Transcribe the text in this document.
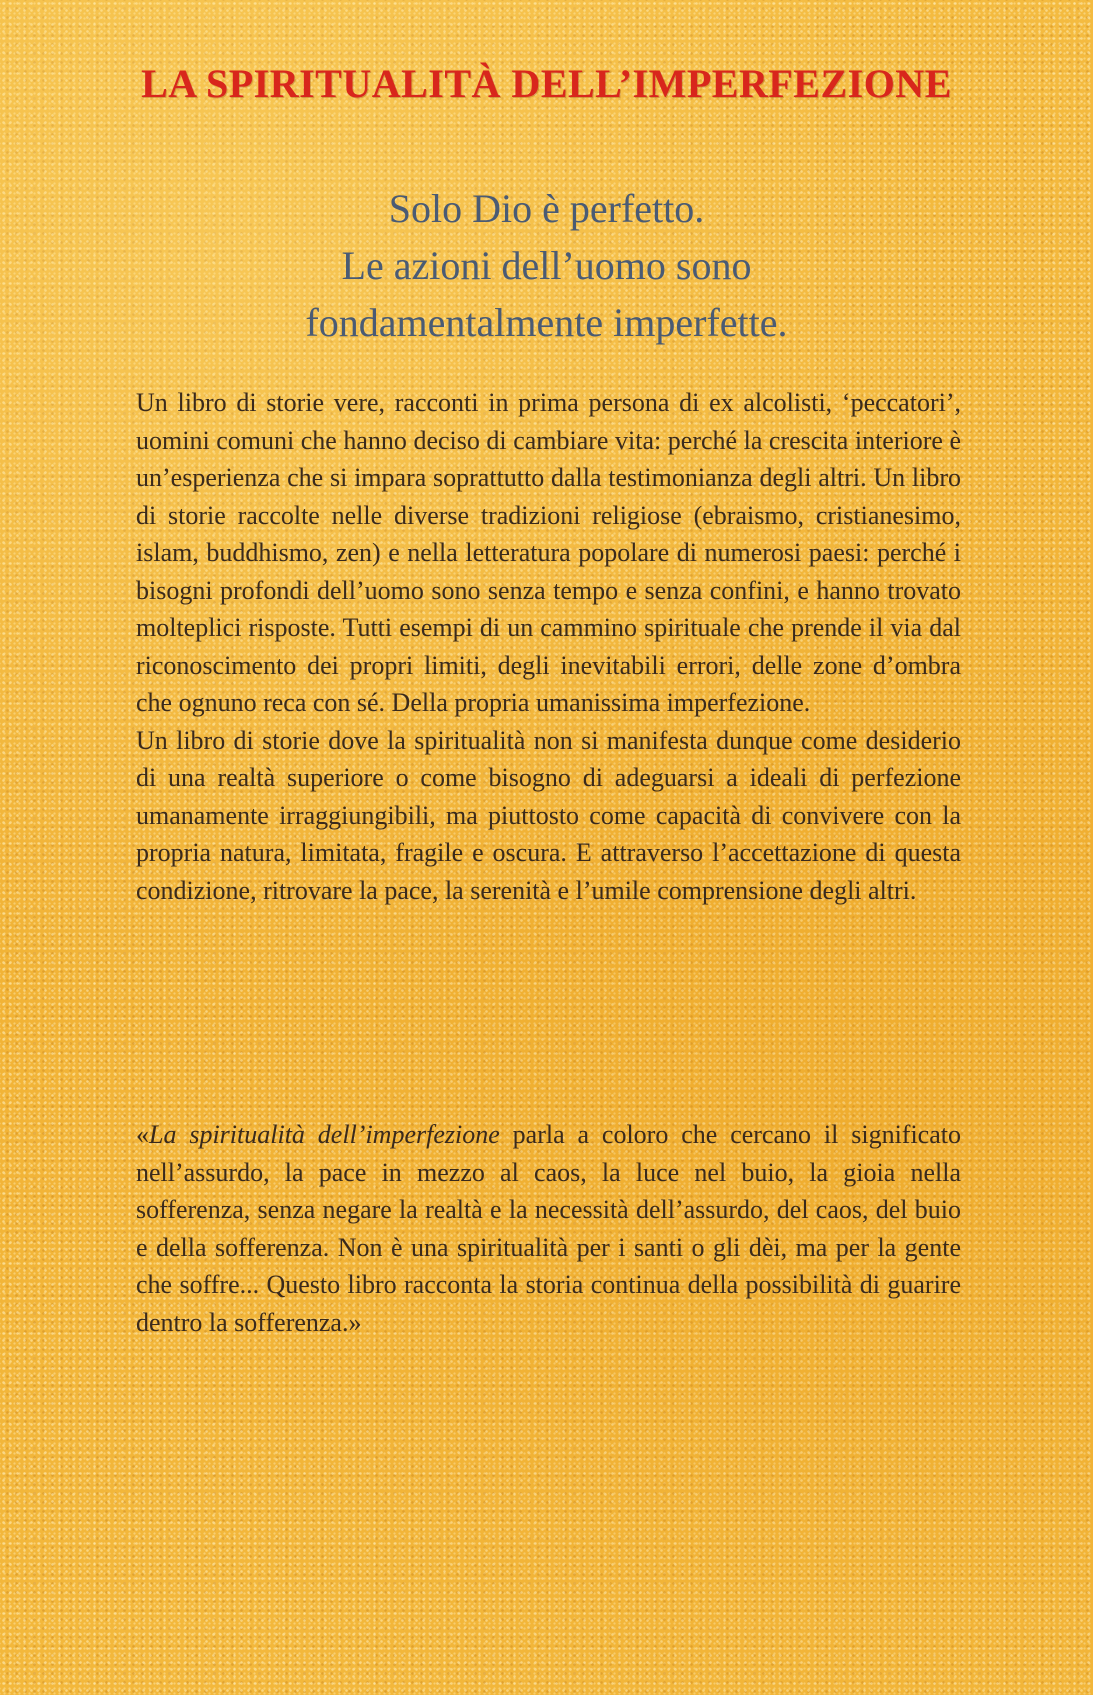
LA SPIRITUALITÀ DELL’IMPERFEZIONE
Solo Dio è perfetto.
Le azioni dell’uomo sono
fondamentalmente imperfette.

Un libro di storie vere, racconti in prima persona di ex alcolisti, ‘peccatori’, uomini comuni che hanno deciso di cambiare vita: perché la crescita interiore è un’esperienza che si impara soprattutto dalla testimonianza degli altri. Un libro di storie raccolte nelle diverse tradizioni religiose (ebraismo, cristianesimo, islam, buddhismo, zen) e nella letteratura popolare di numerosi paesi: perché i bisogni profondi dell’uomo sono senza tempo e senza confini, e hanno trovato molteplici risposte. Tutti esempi di un cammino spirituale che prende il via dal riconoscimento dei propri limiti, degli inevitabili errori, delle zone d’ombra che ognuno reca con sé. Della propria umanissima imperfezione.

Un libro di storie dove la spiritualità non si manifesta dunque come desiderio di una realtà superiore o come bisogno di adeguarsi a ideali di perfezione umanamente irraggiungibili, ma piuttosto come capacità di convivere con la propria natura, limitata, fragile e oscura. E attraverso l’accettazione di questa condizione, ritrovare la pace, la serenità e l’umile comprensione degli altri.

«La spiritualità dell’imperfezione parla a coloro che cercano il significato nell’assurdo, la pace in mezzo al caos, la luce nel buio, la gioia nella sofferenza, senza negare la realtà e la necessità dell’assurdo, del caos, del buio e della sofferenza. Non è una spiritualità per i santi o gli dèi, ma per la gente che soffre... Questo libro racconta la storia continua della possibilità di guarire dentro la sofferenza.»
